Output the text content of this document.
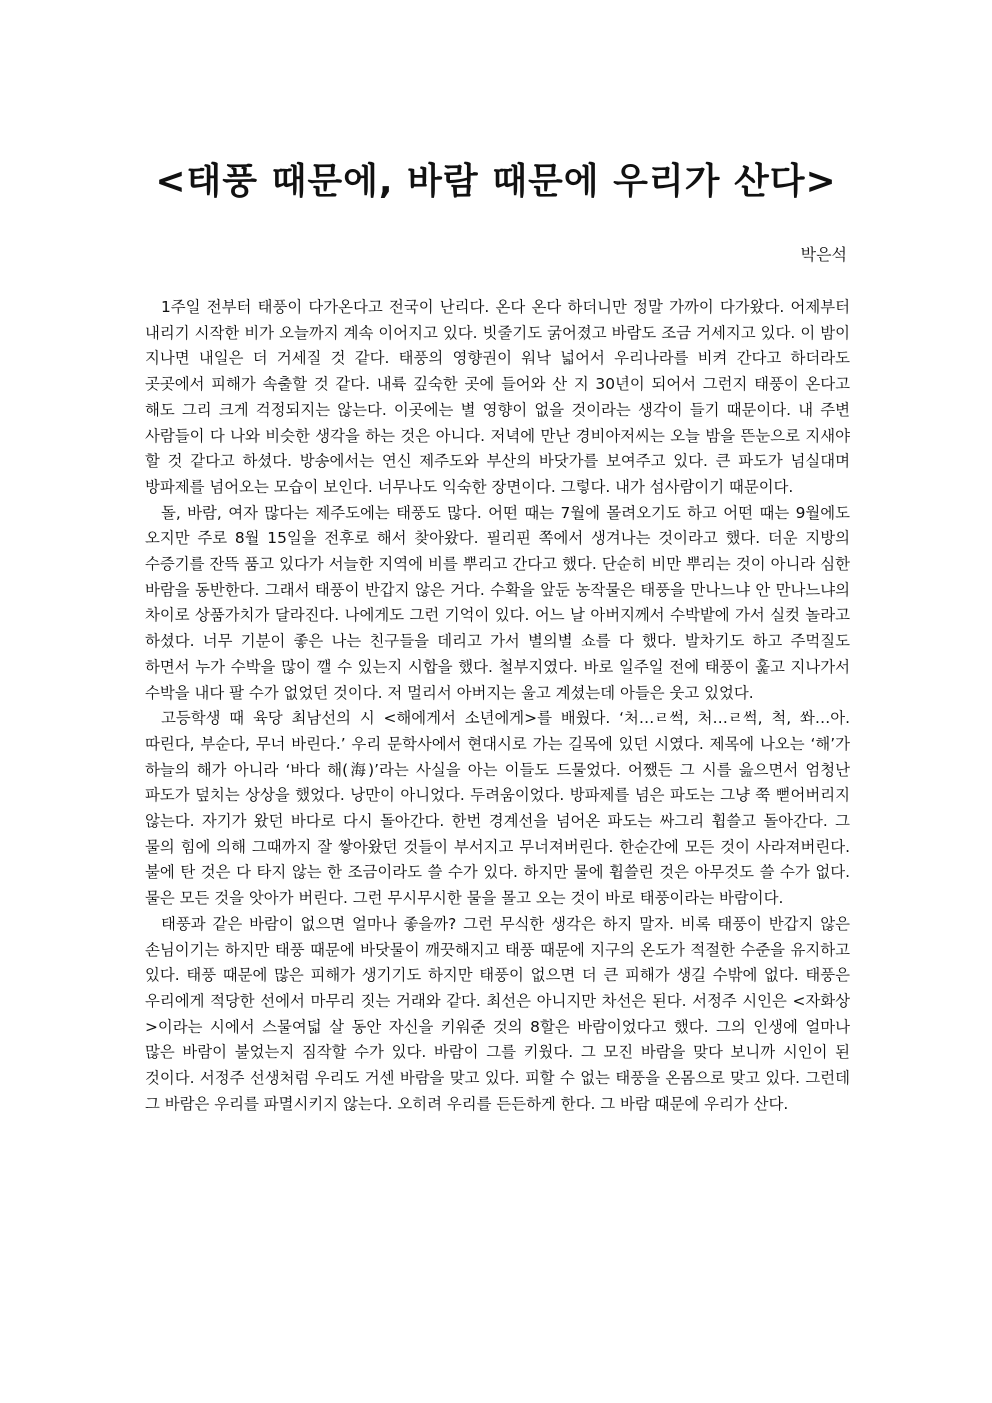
<태풍 때문에, 바람 때문에 우리가 산다>
박은석

1주일 전부터 태풍이 다가온다고 전국이 난리다. 온다 온다 하더니만 정말 가까이 다가왔다. 어제부터 내리기 시작한 비가 오늘까지 계속 이어지고 있다. 빗줄기도 굵어졌고 바람도 조금 거세지고 있다. 이 밤이 지나면 내일은 더 거세질 것 같다. 태풍의 영향권이 워낙 넓어서 우리나라를 비켜 간다고 하더라도 곳곳에서 피해가 속출할 것 같다. 내륙 깊숙한 곳에 들어와 산 지 30년이 되어서 그런지 태풍이 온다고 해도 그리 크게 걱정되지는 않는다. 이곳에는 별 영향이 없을 것이라는 생각이 들기 때문이다. 내 주변 사람들이 다 나와 비슷한 생각을 하는 것은 아니다. 저녁에 만난 경비아저씨는 오늘 밤을 뜬눈으로 지새야 할 것 같다고 하셨다. 방송에서는 연신 제주도와 부산의 바닷가를 보여주고 있다. 큰 파도가 넘실대며 방파제를 넘어오는 모습이 보인다. 너무나도 익숙한 장면이다. 그렇다. 내가 섬사람이기 때문이다.

돌, 바람, 여자 많다는 제주도에는 태풍도 많다. 어떤 때는 7월에 몰려오기도 하고 어떤 때는 9월에도 오지만 주로 8월 15일을 전후로 해서 찾아왔다. 필리핀 쪽에서 생겨나는 것이라고 했다. 더운 지방의 수증기를 잔뜩 품고 있다가 서늘한 지역에 비를 뿌리고 간다고 했다. 단순히 비만 뿌리는 것이 아니라 심한 바람을 동반한다. 그래서 태풍이 반갑지 않은 거다. 수확을 앞둔 농작물은 태풍을 만나느냐 안 만나느냐의 차이로 상품가치가 달라진다. 나에게도 그런 기억이 있다. 어느 날 아버지께서 수박밭에 가서 실컷 놀라고 하셨다. 너무 기분이 좋은 나는 친구들을 데리고 가서 별의별 쇼를 다 했다. 발차기도 하고 주먹질도 하면서 누가 수박을 많이 깰 수 있는지 시합을 했다. 철부지였다. 바로 일주일 전에 태풍이 훑고 지나가서 수박을 내다 팔 수가 없었던 것이다. 저 멀리서 아버지는 울고 계셨는데 아들은 웃고 있었다.

고등학생 때 육당 최남선의 시 <해에게서 소년에게>를 배웠다. ‘처…ㄹ썩, 처…ㄹ썩, 척, 쏴…아. 따린다, 부순다, 무너 바린다.’ 우리 문학사에서 현대시로 가는 길목에 있던 시였다. 제목에 나오는 ‘해’가 하늘의 해가 아니라 ‘바다 해(海)’라는 사실을 아는 이들도 드물었다. 어쨌든 그 시를 읊으면서 엄청난 파도가 덮치는 상상을 했었다. 낭만이 아니었다. 두려움이었다. 방파제를 넘은 파도는 그냥 쭉 뻗어버리지 않는다. 자기가 왔던 바다로 다시 돌아간다. 한번 경계선을 넘어온 파도는 싸그리 휩쓸고 돌아간다. 그 물의 힘에 의해 그때까지 잘 쌓아왔던 것들이 부서지고 무너져버린다. 한순간에 모든 것이 사라져버린다. 불에 탄 것은 다 타지 않는 한 조금이라도 쓸 수가 있다. 하지만 물에 휩쓸린 것은 아무것도 쓸 수가 없다. 물은 모든 것을 앗아가 버린다. 그런 무시무시한 물을 몰고 오는 것이 바로 태풍이라는 바람이다.

태풍과 같은 바람이 없으면 얼마나 좋을까? 그런 무식한 생각은 하지 말자. 비록 태풍이 반갑지 않은 손님이기는 하지만 태풍 때문에 바닷물이 깨끗해지고 태풍 때문에 지구의 온도가 적절한 수준을 유지하고 있다. 태풍 때문에 많은 피해가 생기기도 하지만 태풍이 없으면 더 큰 피해가 생길 수밖에 없다. 태풍은 우리에게 적당한 선에서 마무리 짓는 거래와 같다. 최선은 아니지만 차선은 된다. 서정주 시인은 <자화상>이라는 시에서 스물여덟 살 동안 자신을 키워준 것의 8할은 바람이었다고 했다. 그의 인생에 얼마나 많은 바람이 불었는지 짐작할 수가 있다. 바람이 그를 키웠다. 그 모진 바람을 맞다 보니까 시인이 된 것이다. 서정주 선생처럼 우리도 거센 바람을 맞고 있다. 피할 수 없는 태풍을 온몸으로 맞고 있다. 그런데 그 바람은 우리를 파멸시키지 않는다. 오히려 우리를 든든하게 한다. 그 바람 때문에 우리가 산다.
